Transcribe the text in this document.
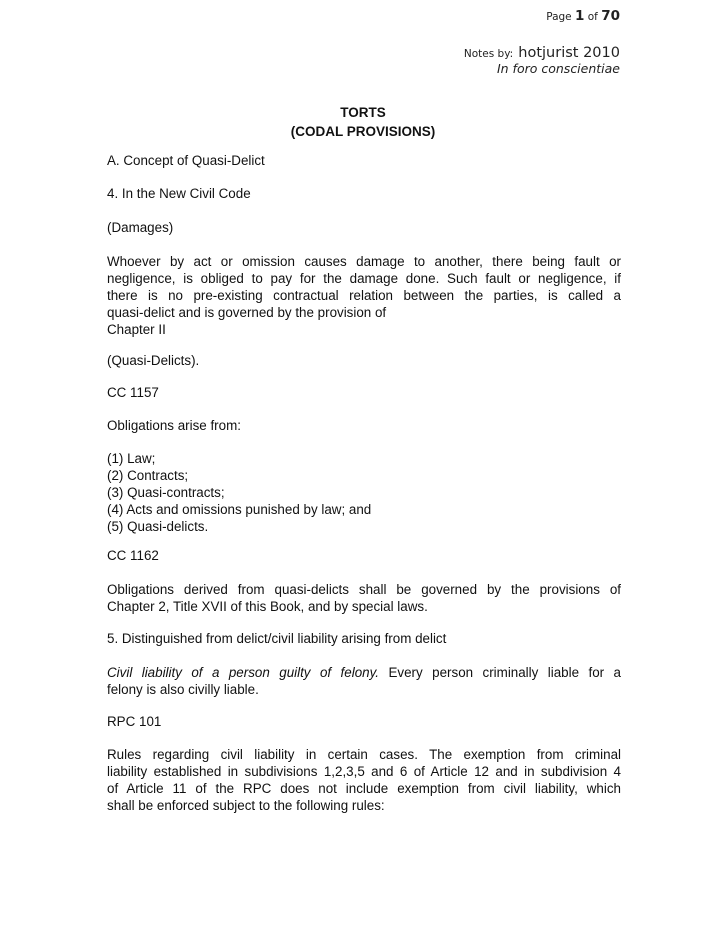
Page 1 of 70
Notes by: hotjurist 2010
In foro conscientiae
TORTS
(CODAL PROVISIONS)
A. Concept of Quasi-Delict
4. In the New Civil Code
(Damages)
Whoever by act or omission causes damage to another, there being fault or
negligence, is obliged to pay for the damage done. Such fault or negligence, if
there is no pre-existing contractual relation between the parties, is called a
quasi-delict and is governed by the provision of
Chapter II
(Quasi-Delicts).
CC 1157
Obligations arise from:
(1) Law;
(2) Contracts;
(3) Quasi-contracts;
(4) Acts and omissions punished by law; and
(5) Quasi-delicts.
CC 1162
Obligations derived from quasi-delicts shall be governed by the provisions of
Chapter 2, Title XVII of this Book, and by special laws.
5. Distinguished from delict/civil liability arising from delict
Civil liability of a person guilty of felony. Every person criminally liable for a
felony is also civilly liable.
RPC 101
Rules regarding civil liability in certain cases. The exemption from criminal
liability established in subdivisions 1,2,3,5 and 6 of Article 12 and in subdivision 4
of Article 11 of the RPC does not include exemption from civil liability, which
shall be enforced subject to the following rules:
